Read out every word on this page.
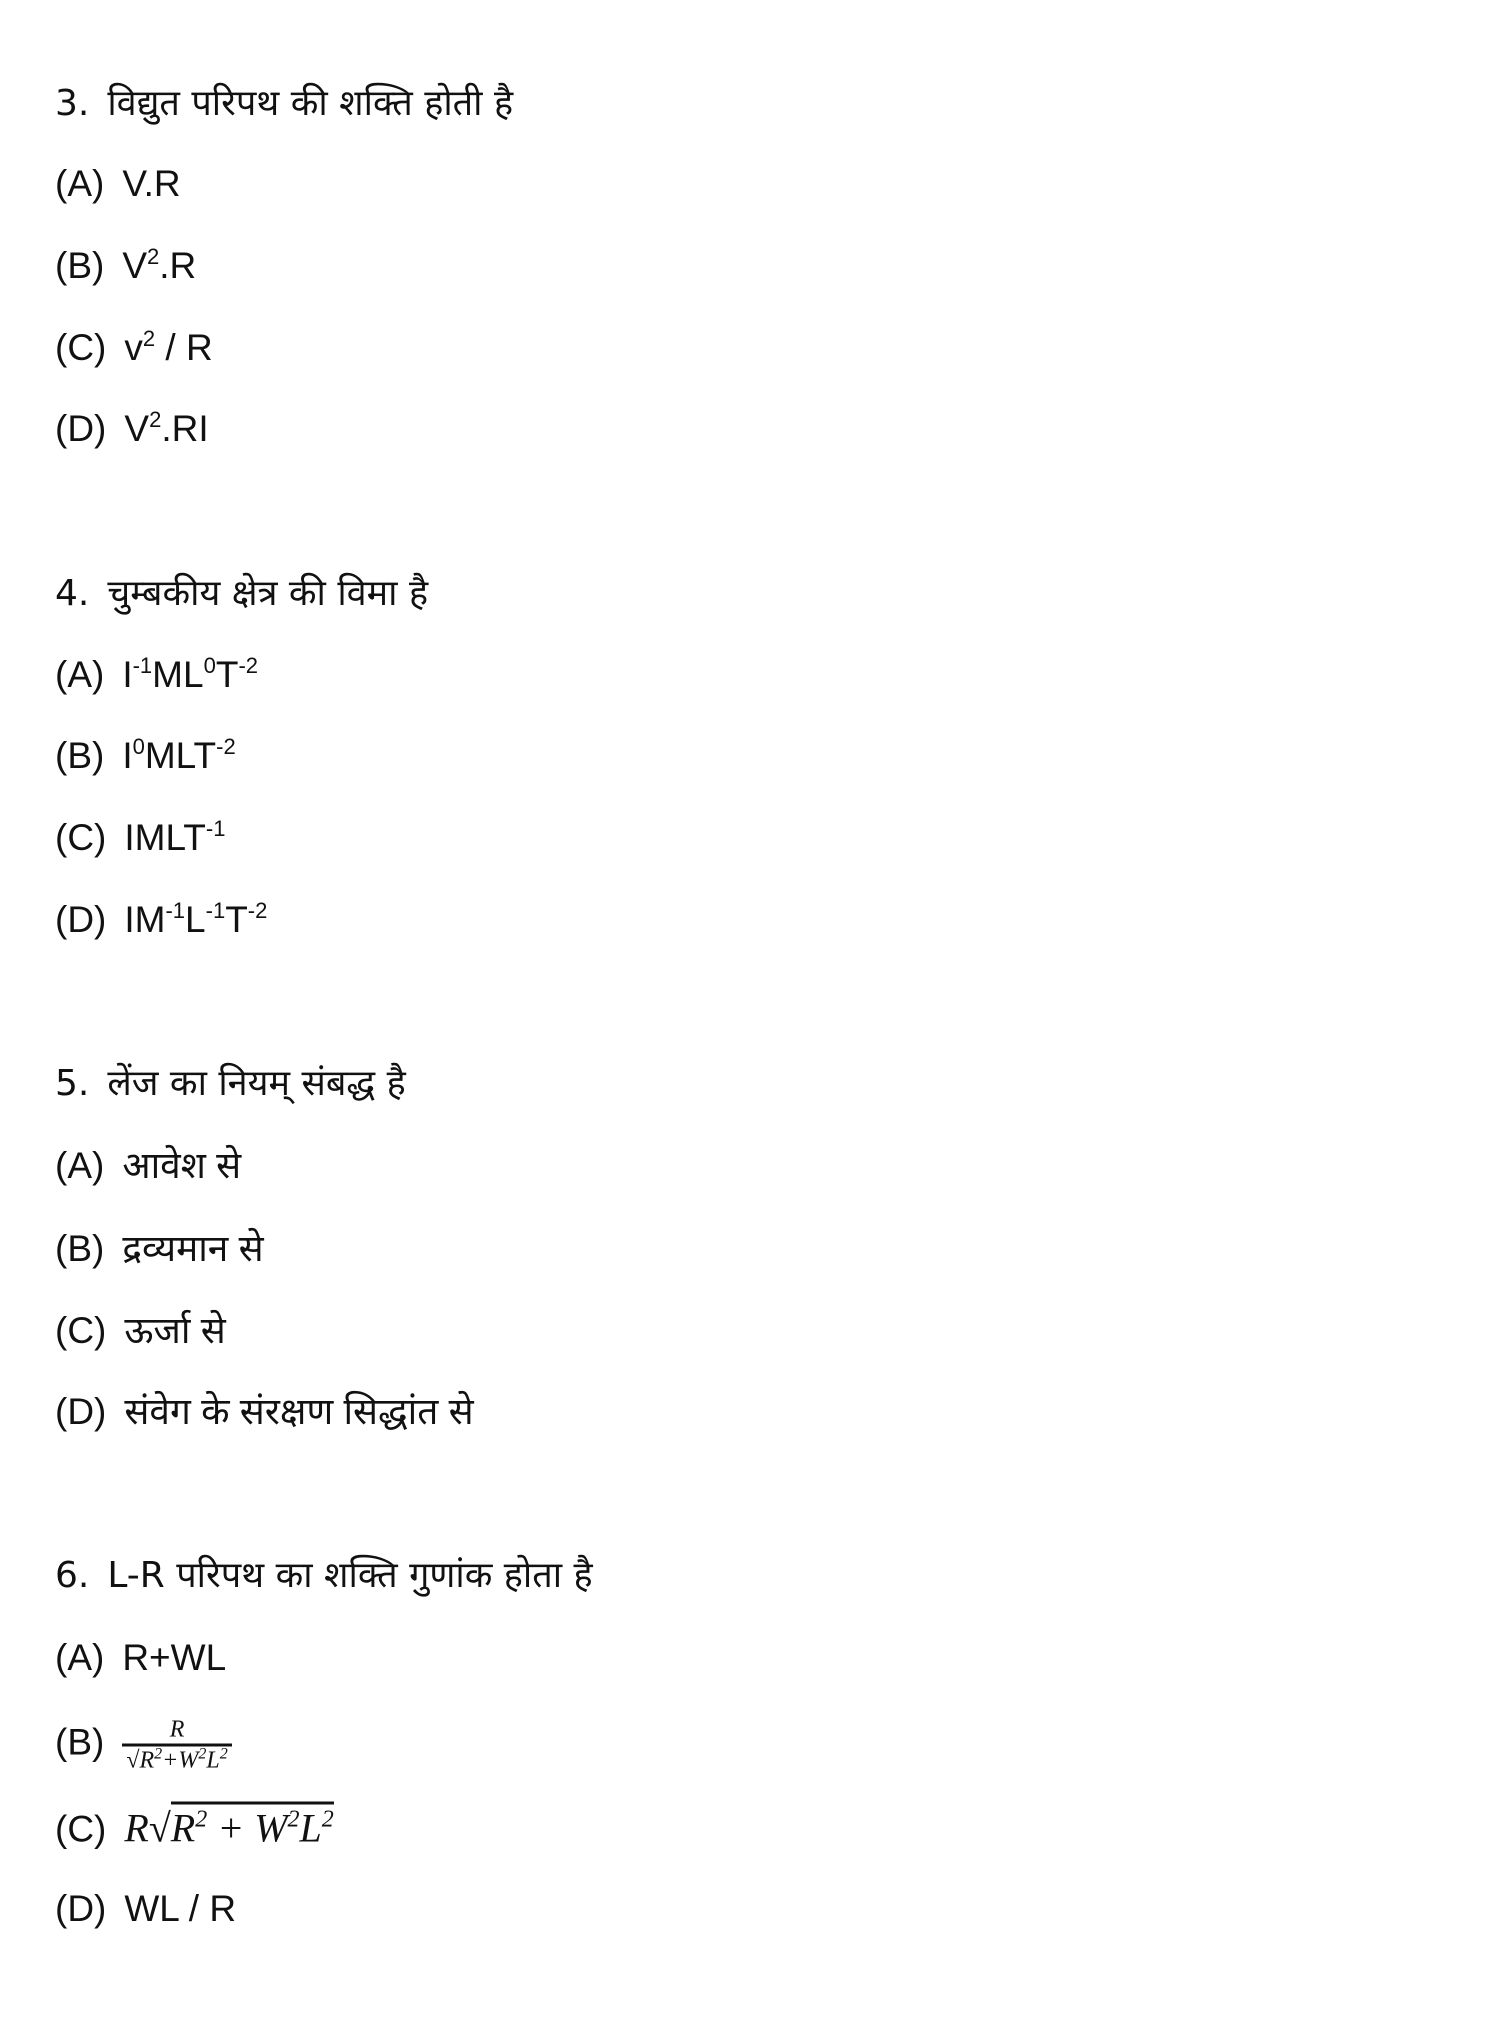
3. विद्युत परिपथ की शक्ति होती है
(A) V.R
(B) $V^2.R$
(C) $v^2$ / R
(D) $V^2.RI$
4. चुम्बकीय क्षेत्र की विमा है
(A) $I^{-1}ML^0T^{-2}$
(B) $I^0MLT^{-2}$
(C) $IMLT^{-1}$
(D) $IM^{-1}L^{-1}T^{-2}$
5. लेंज का नियम् संबद्ध है
(A) आवेश से
(B) द्रव्यमान से
(C) ऊर्जा से
(D) संवेग के संरक्षण सिद्धांत से
6. L-R परिपथ का शक्ति गुणांक होता है
(A) R+WL
$(B) \frac{R}{√R^2+W^2L^2}$
(C) $R√R^2 + W^2L^2$
(D) WL / R
